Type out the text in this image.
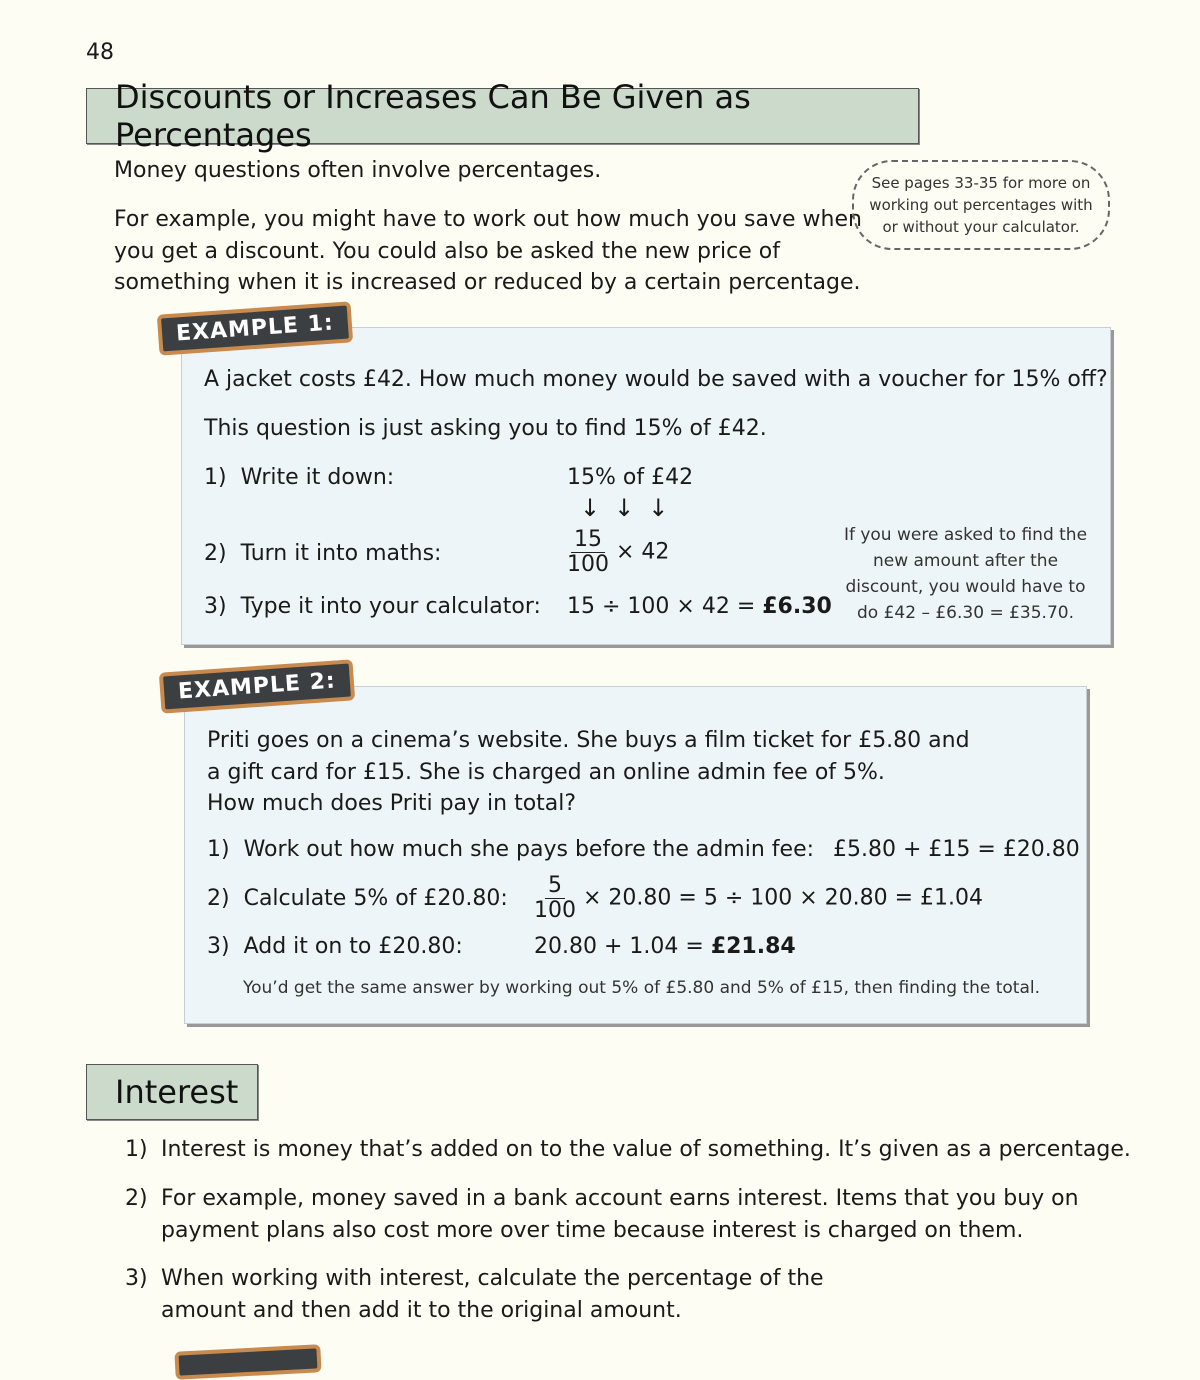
48
Discounts or Increases Can Be Given as Percentages
Money questions often involve percentages.
For example, you might have to work out how much you save when you get a discount. You could also be asked the new price of something when it is increased or reduced by a certain percentage.
See pages 33-35 for more on working out percentages with or without your calculator.
EXAMPLE 1:
A jacket costs £42. How much money would be saved with a voucher for 15% off?
This question is just asking you to find 15% of £42.
1) Write it down:	15% of £42
↓↓↓
2) Turn it into maths:	$\frac{15}{100} \times 42$
3) Type it into your calculator: 15 ÷ 100 × 42 = £6.30
If you were asked to find the new amount after the discount, you would have to do £42 – £6.30 = £35.70.
EXAMPLE 2:
Priti goes on a cinema’s website. She buys a film ticket for £5.80 and
a gift card for £15. She is charged an online admin fee of 5%.
How much does Priti pay in total?
1) Work out how much she pays before the admin fee: £5.80 + £15 = £20.80
2) Calculate 5% of £20.80: $\frac{5}{100} \times 20.80 = 5 \div 100 \times 20.80$ = £1.04
3) Add it on to £20.80:	20.80 + 1.04 = £21.84
You’d get the same answer by working out 5% of £5.80 and 5% of £15, then finding the total.
Interest
1) Interest is money that’s added on to the value of something. It’s given as a percentage.
2) For example, money saved in a bank account earns interest. Items that you buy on
payment plans also cost more over time because interest is charged on them.
3) When working with interest, calculate the percentage of the
amount and then add it to the original amount.
